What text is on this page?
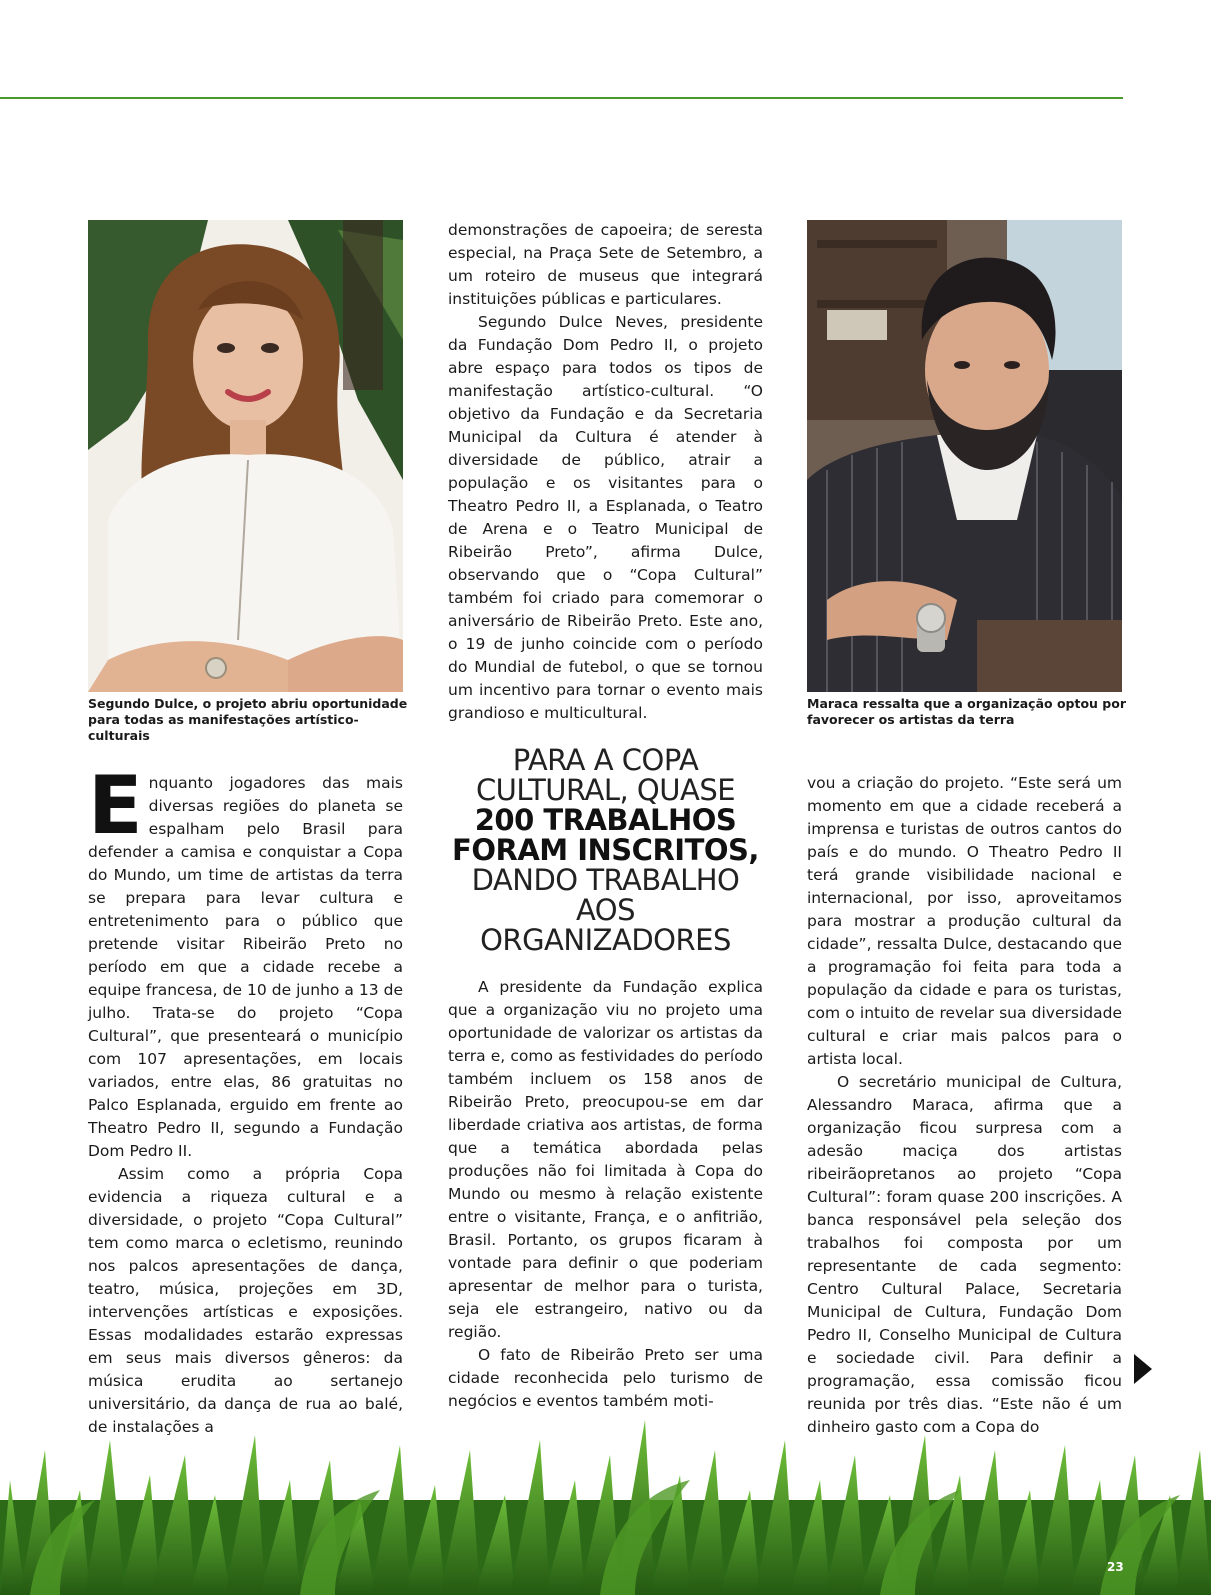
Segundo Dulce, o projeto abriu oportunidade para todas as manifestações artístico-culturais
Maraca ressalta que a organização optou por favorecer os artistas da terra

demonstrações de capoeira; de seresta especial, na Praça Sete de Setembro, a um roteiro de museus que integrará instituições públicas e particulares.

Segundo Dulce Neves, presidente da Fundação Dom Pedro II, o projeto abre espaço para todos os tipos de manifestação artístico-cultural. “O objetivo da Fundação e da Secretaria Municipal da Cultura é atender à diversidade de público, atrair a população e os visitantes para o Theatro Pedro II, a Esplanada, o Teatro de Arena e o Teatro Municipal de Ribeirão Preto”, afirma Dulce, observando que o “Copa Cultural” também foi criado para comemorar o aniversário de Ribeirão Preto. Este ano, o 19 de junho coincide com o período do Mundial de futebol, o que se tornou um incentivo para tornar o evento mais grandioso e multicultural.

Enquanto jogadores das mais diversas regiões do planeta se espalham pelo Brasil para defender a camisa e conquistar a Copa do Mundo, um time de artistas da terra se prepara para levar cultura e entretenimento para o público que pretende visitar Ribeirão Preto no período em que a cidade recebe a equipe francesa, de 10 de junho a 13 de julho. Trata-se do projeto “Copa Cultural”, que presenteará o município com 107 apresentações, em locais variados, entre elas, 86 gratuitas no Palco Esplanada, erguido em frente ao Theatro Pedro II, segundo a Fundação Dom Pedro II.

Assim como a própria Copa evidencia a riqueza cultural e a diversidade, o projeto “Copa Cultural” tem como marca o ecletismo, reunindo nos palcos apresentações de dança, teatro, música, projeções em 3D, intervenções artísticas e exposições. Essas modalidades estarão expressas em seus mais diversos gêneros: da música erudita ao sertanejo universitário, da dança de rua ao balé, de instalações a

PARA A COPA
CULTURAL, QUASE
200 TRABALHOS
FORAM INSCRITOS,
DANDO TRABALHO AOS
ORGANIZADORES

A presidente da Fundação explica que a organização viu no projeto uma oportunidade de valorizar os artistas da terra e, como as festividades do período também incluem os 158 anos de Ribeirão Preto, preocupou-se em dar liberdade criativa aos artistas, de forma que a temática abordada pelas produções não foi limitada à Copa do Mundo ou mesmo à relação existente entre o visitante, França, e o anfitrião, Brasil. Portanto, os grupos ficaram à vontade para definir o que poderiam apresentar de melhor para o turista, seja ele estrangeiro, nativo ou da região.

O fato de Ribeirão Preto ser uma cidade reconhecida pelo turismo de negócios e eventos também moti-

vou a criação do projeto. “Este será um momento em que a cidade receberá a imprensa e turistas de outros cantos do país e do mundo. O Theatro Pedro II terá grande visibilidade nacional e internacional, por isso, aproveitamos para mostrar a produção cultural da cidade”, ressalta Dulce, destacando que a programação foi feita para toda a população da cidade e para os turistas, com o intuito de revelar sua diversidade cultural e criar mais palcos para o artista local.

O secretário municipal de Cultura, Alessandro Maraca, afirma que a organização ficou surpresa com a adesão maciça dos artistas ribeirãopretanos ao projeto “Copa Cultural”: foram quase 200 inscrições. A banca responsável pela seleção dos trabalhos foi composta por um representante de cada segmento: Centro Cultural Palace, Secretaria Municipal de Cultura, Fundação Dom Pedro II, Conselho Municipal de Cultura e sociedade civil. Para definir a programação, essa comissão ficou reunida por três dias. “Este não é um dinheiro gasto com a Copa do

23
